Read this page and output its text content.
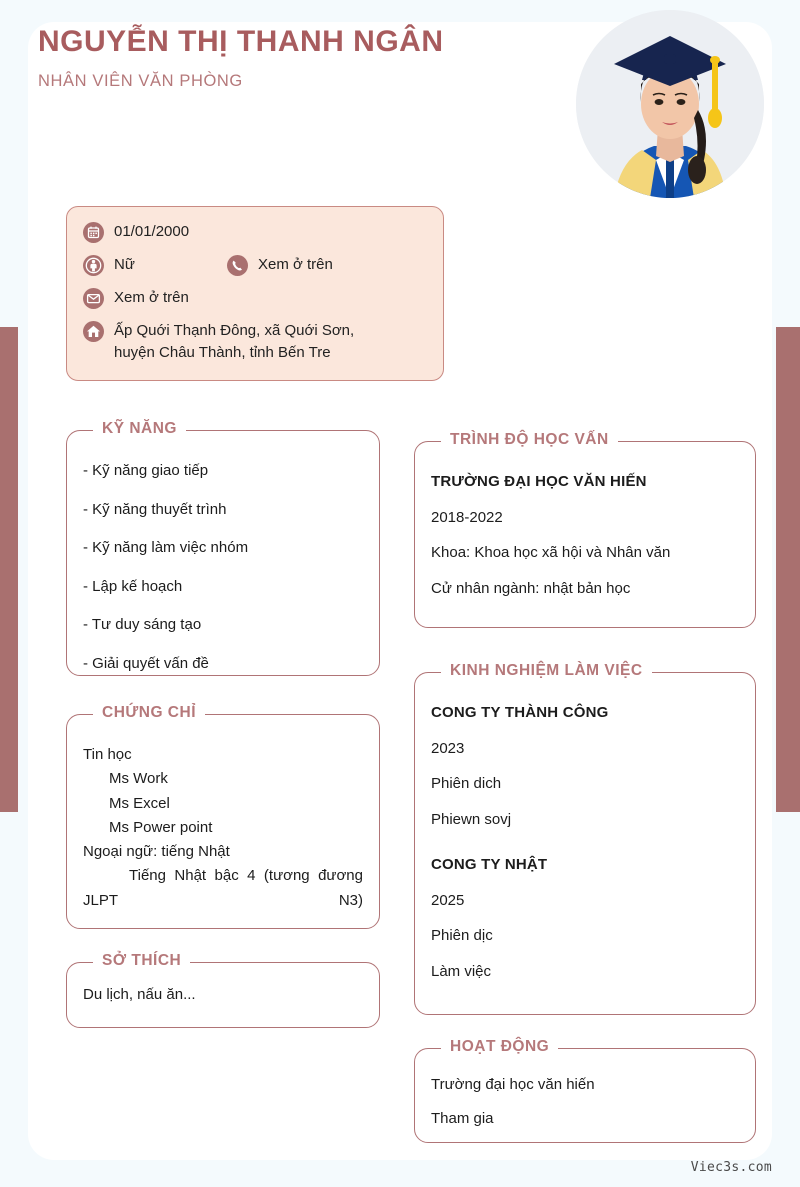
NGUYỄN THỊ THANH NGÂN
NHÂN VIÊN VĂN PHÒNG
01/01/2000
Nữ	Xem ở trên
Xem ở trên
Ấp Quới Thạnh Đông, xã Quới Sơn,
huyện Châu Thành, tỉnh Bến Tre
KỸ NĂNG

- Kỹ năng giao tiếp

- Kỹ năng thuyết trình

- Kỹ năng làm việc nhóm

- Lập kế hoạch

- Tư duy sáng tạo

- Giải quyết vấn đề

CHỨNG CHỈ

Tin học

Ms Work

Ms Excel

Ms Power point

Ngoại ngữ: tiếng Nhật

Tiếng Nhật bậc 4 (tương đương JLPT N3)

SỞ THÍCH

Du lịch, nấu ăn...

TRÌNH ĐỘ HỌC VẤN

TRƯỜNG ĐẠI HỌC VĂN HIẾN

2018-2022

Khoa: Khoa học xã hội và Nhân văn

Cử nhân ngành: nhật bản học

KINH NGHIỆM LÀM VIỆC

CONG TY THÀNH CÔNG

2023

Phiên dich

Phiewn sovj

CONG TY NHẬT

2025

Phiên dịc

Làm việc

HOẠT ĐỘNG

Trường đại học văn hiến

Tham gia

Viec3s.com
